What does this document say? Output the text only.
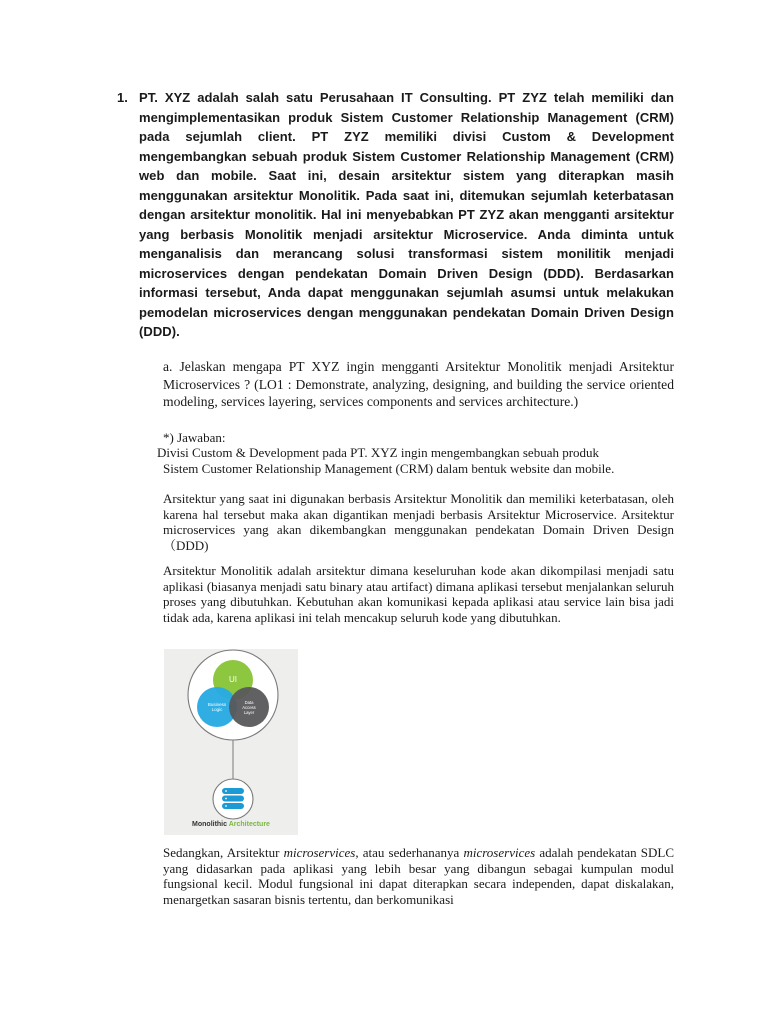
1. PT. XYZ adalah salah satu Perusahaan IT Consulting. PT ZYZ telah memiliki dan mengimplementasikan produk Sistem Customer Relationship Management (CRM) pada sejumlah client. PT ZYZ memiliki divisi Custom & Development mengembangkan sebuah produk Sistem Customer Relationship Management (CRM) web dan mobile. Saat ini, desain arsitektur sistem yang diterapkan masih menggunakan arsitektur Monolitik. Pada saat ini, ditemukan sejumlah keterbatasan dengan arsitektur monolitik. Hal ini menyebabkan PT ZYZ akan mengganti arsitektur yang berbasis Monolitik menjadi arsitektur Microservice. Anda diminta untuk menganalisis dan merancang solusi transformasi sistem monilitik menjadi microservices dengan pendekatan Domain Driven Design (DDD). Berdasarkan informasi tersebut, Anda dapat menggunakan sejumlah asumsi untuk melakukan pemodelan microservices dengan menggunakan pendekatan Domain Driven Design (DDD).
a. Jelaskan mengapa PT XYZ ingin mengganti Arsitektur Monolitik menjadi Arsitektur Microservices ? (LO1 : Demonstrate, analyzing, designing, and building the service oriented modeling, services layering, services components and services architecture.)
*) Jawaban:
Divisi Custom & Development pada PT. XYZ ingin mengembangkan sebuah produk
Sistem Customer Relationship Management (CRM) dalam bentuk website dan mobile.
Arsitektur yang saat ini digunakan berbasis Arsitektur Monolitik dan memiliki keterbatasan, oleh karena hal tersebut maka akan digantikan menjadi berbasis Arsitektur Microservice. Arsitektur microservices yang akan dikembangkan menggunakan pendekatan Domain Driven Design（DDD)
Arsitektur Monolitik adalah arsitektur dimana keseluruhan kode akan dikompilasi menjadi satu aplikasi (biasanya menjadi satu binary atau artifact) dimana aplikasi tersebut menjalankan seluruh proses yang dibutuhkan. Kebutuhan akan komunikasi kepada aplikasi atau service lain bisa jadi tidak ada, karena aplikasi ini telah mencakup seluruh kode yang dibutuhkan.
UI
Business
Logic
Data
Access
Layer
Monolithic Architecture
Sedangkan, Arsitektur microservices, atau sederhananya microservices adalah pendekatan SDLC yang didasarkan pada aplikasi yang lebih besar yang dibangun sebagai kumpulan modul fungsional kecil. Modul fungsional ini dapat diterapkan secara independen, dapat diskalakan, menargetkan sasaran bisnis tertentu, dan berkomunikasi
